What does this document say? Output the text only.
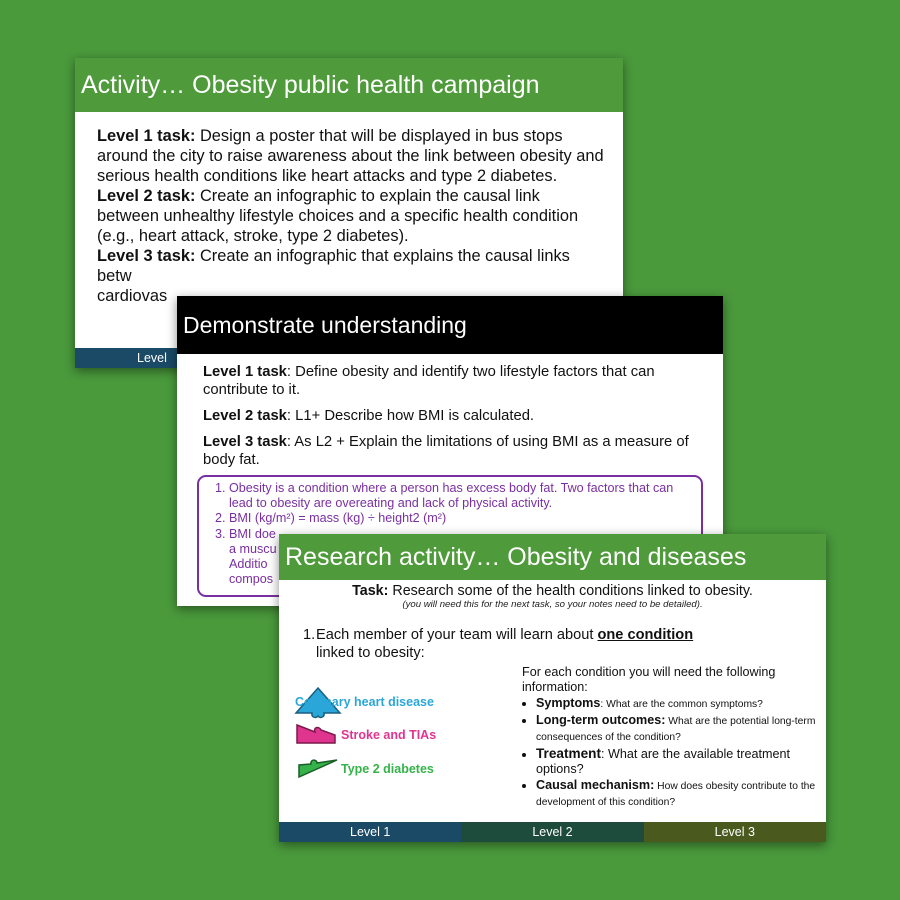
Activity… Obesity public health campaign

Level 1 task: Design a poster that will be displayed in bus stops around the city to raise awareness about the link between obesity and serious health conditions like heart attacks and type 2 diabetes.

Level 2 task: Create an infographic to explain the causal link between unhealthy lifestyle choices and a specific health condition (e.g., heart attack, stroke, type 2 diabetes).

Level 3 task: Create an infographic that explains the causal links betw
cardiovas

Level
Demonstrate understanding

Level 1 task: Define obesity and identify two lifestyle factors that can contribute to it.

Level 2 task: L1+ Describe how BMI is calculated.

Level 3 task: As L2 + Explain the limitations of using BMI as a measure of body fat.

1. Obesity is a condition where a person has excess body fat. Two factors that can lead to obesity are overeating and lack of physical activity.
2. BMI (kg/m²) = mass (kg) ÷ height2 (m²)
3. BMI doe
a muscu
Additio
compos
Research activity… Obesity and diseases
Task: Research some of the health conditions linked to obesity.
(you will need this for the next task, so your notes need to be detailed).
1. Each member of your team will learn about one condition
linked to obesity:
Coronary heart disease
Stroke and TIAs
Type 2 diabetes
For each condition you will need the following information:
• Symptoms: What are the common symptoms?
• Long-term outcomes: What are the potential long-term consequences of the condition?
• Treatment: What are the available treatment options?
• Causal mechanism: How does obesity contribute to the development of this condition?
Level 1	Level 2	Level 3
